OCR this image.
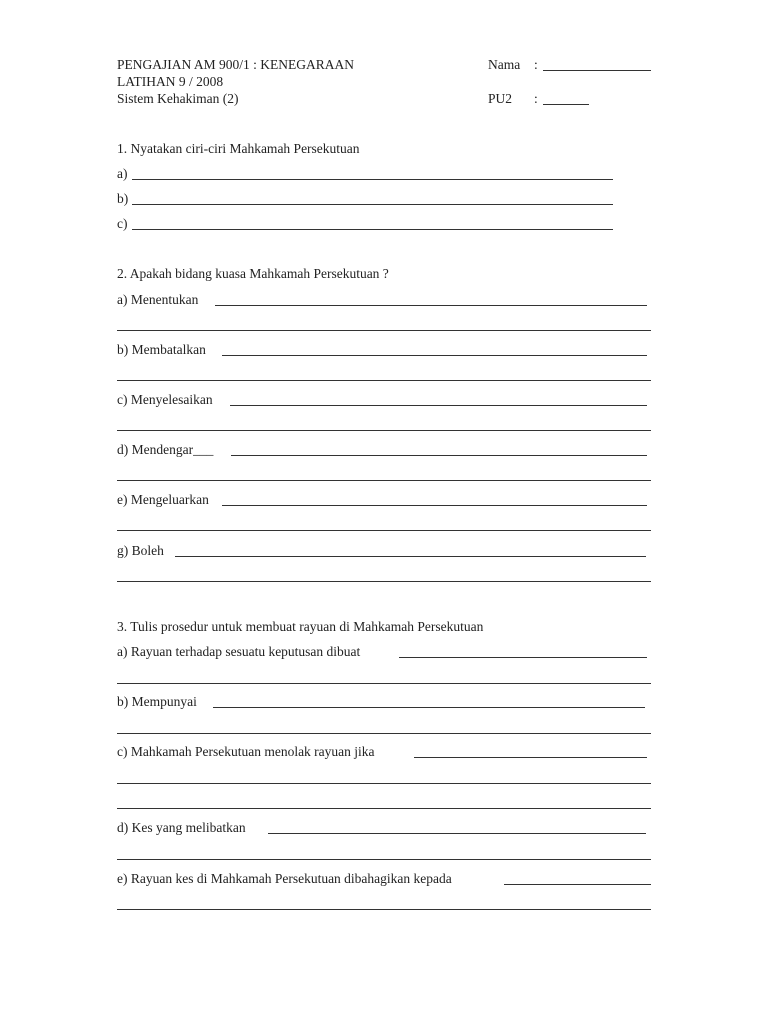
PENGAJIAN AM 900/1 : KENEGARAAN
LATIHAN 9 / 2008
Sistem Kehakiman (2)
Nama :
PU2 :
1. Nyatakan ciri-ciri Mahkamah Persekutuan
a)
b)
c)
2. Apakah bidang kuasa Mahkamah Persekutuan ?
a) Menentukan
b) Membatalkan
c) Menyelesaikan
d) Mendengar___
e) Mengeluarkan
g) Boleh
3. Tulis prosedur untuk membuat rayuan di Mahkamah Persekutuan
a) Rayuan terhadap sesuatu keputusan dibuat
b) Mempunyai
c) Mahkamah Persekutuan menolak rayuan jika
d) Kes yang melibatkan
e) Rayuan kes di Mahkamah Persekutuan dibahagikan kepada
